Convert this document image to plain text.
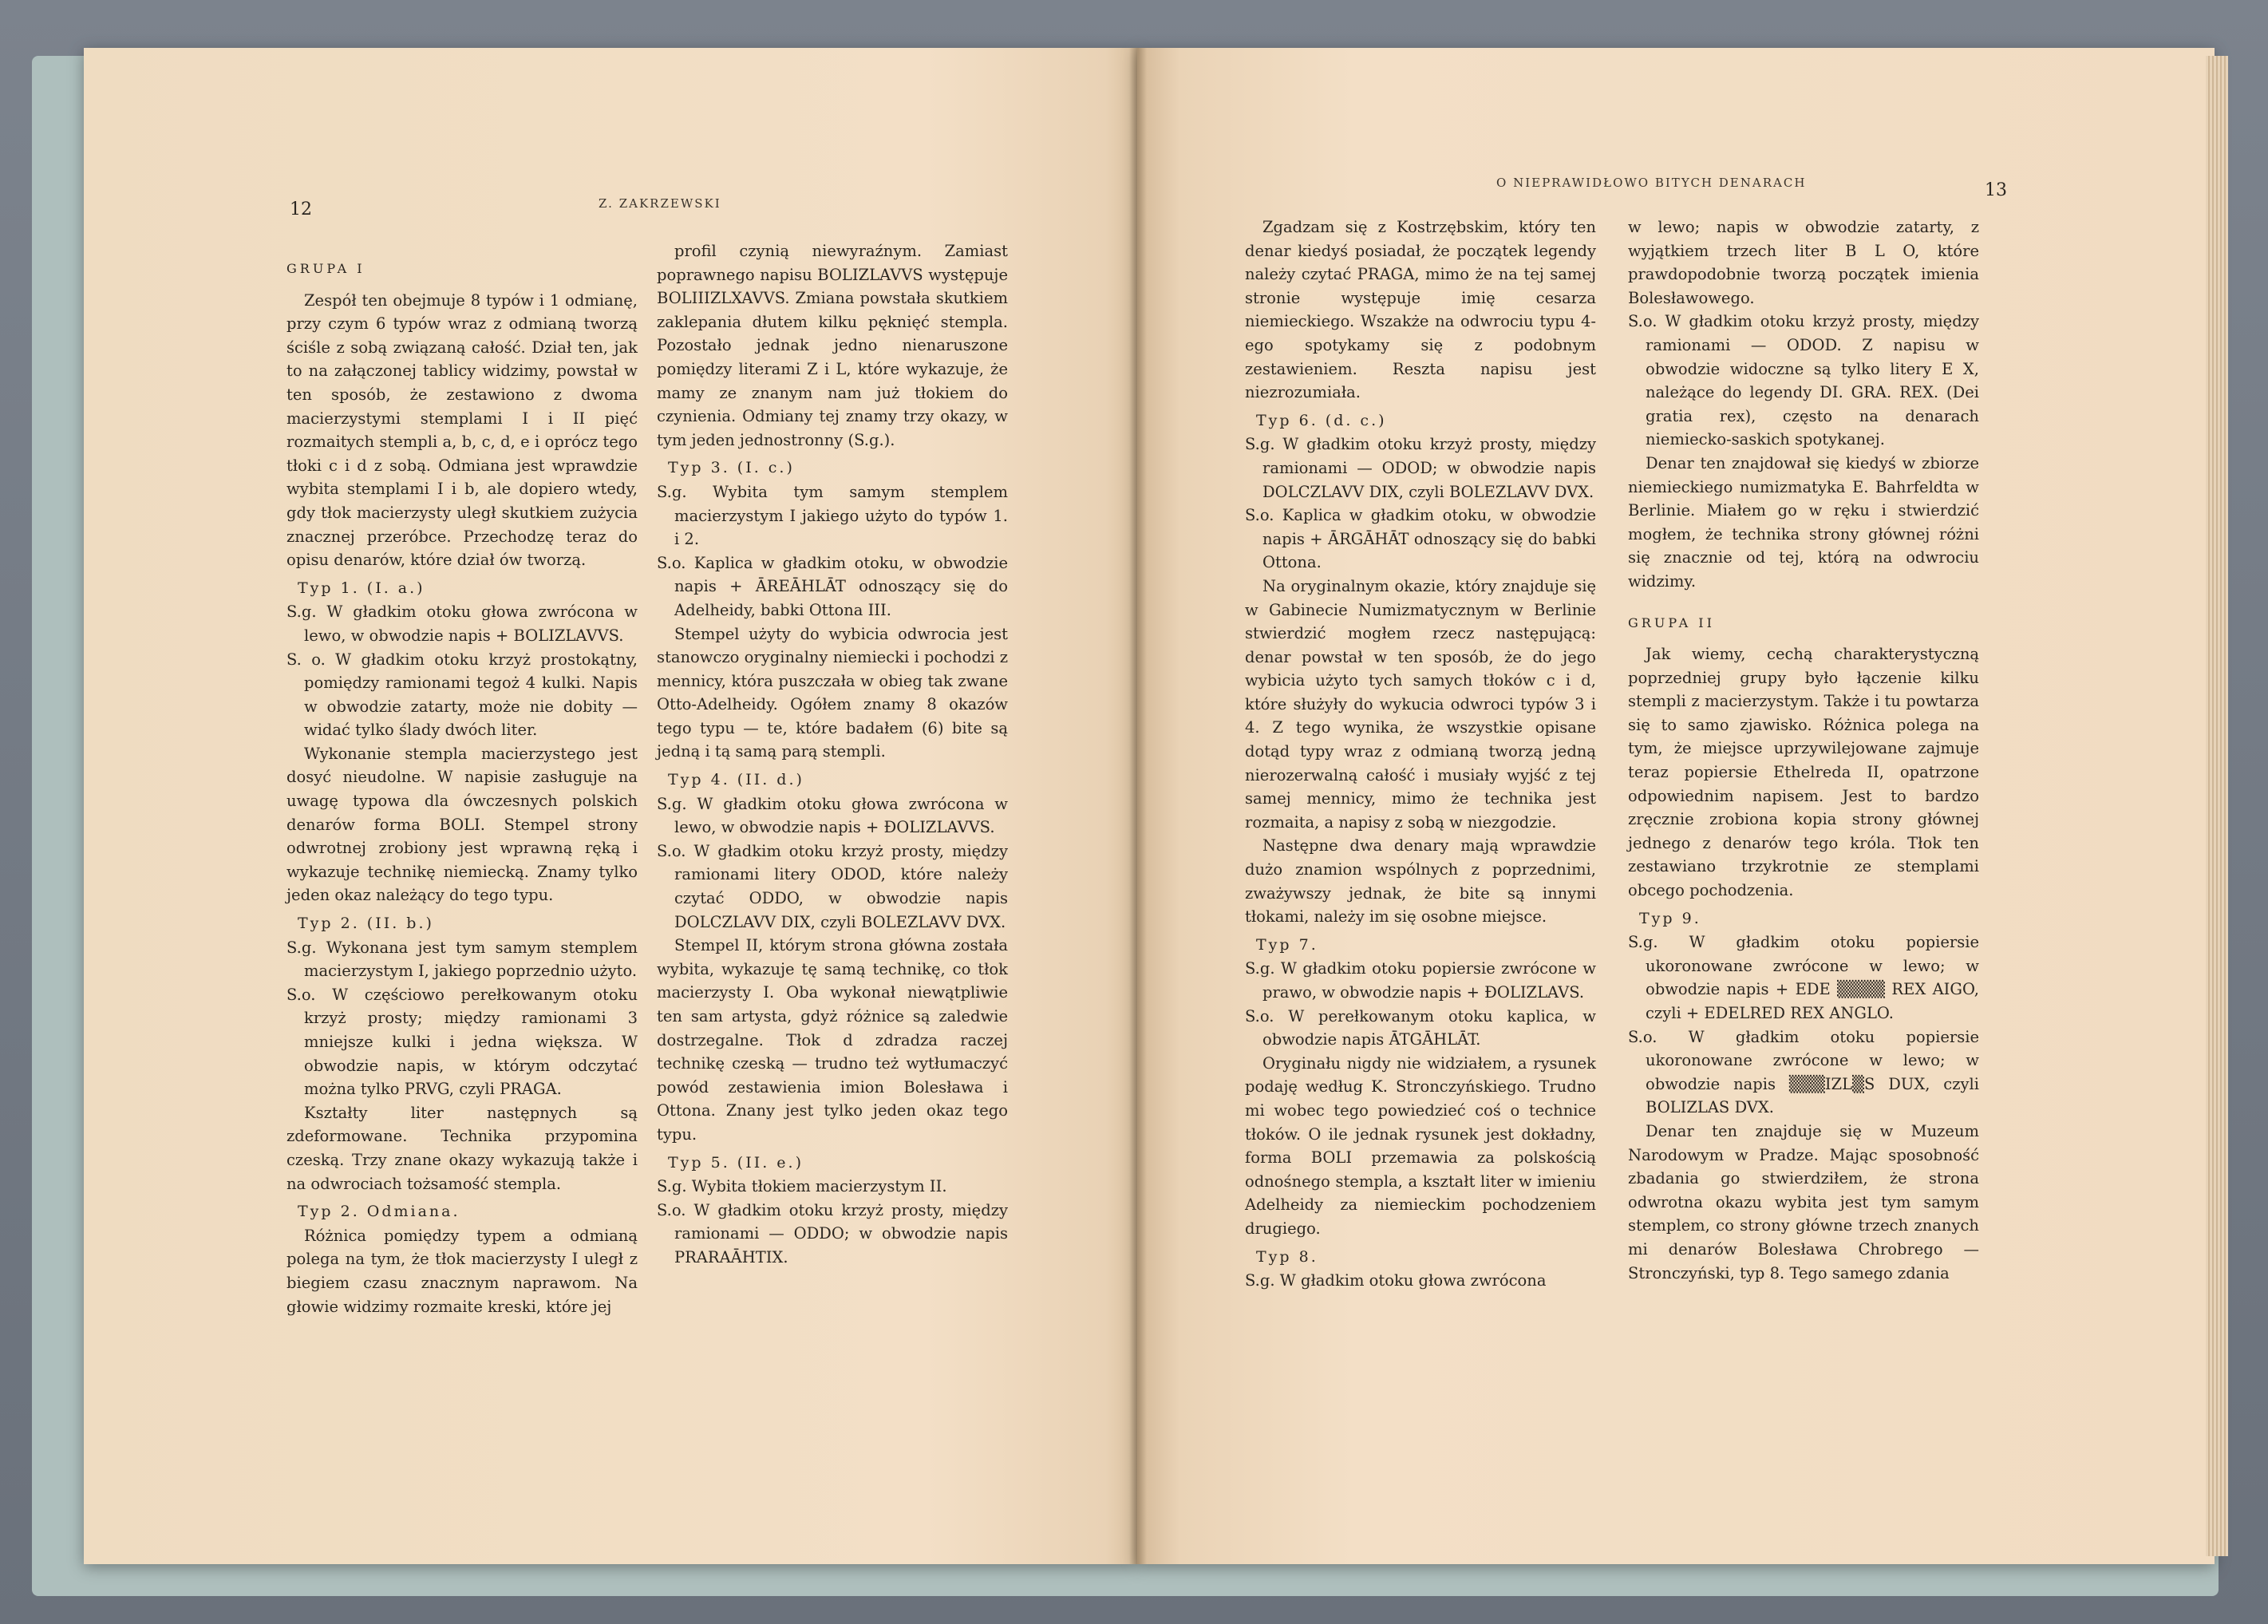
12	Z. ZAKRZEWSKI

GRUPA I

Zespół ten obejmuje 8 typów i 1 odmianę, przy czym 6 typów wraz z odmianą tworzą ściśle z sobą związaną całość. Dział ten, jak to na załączonej tablicy widzimy, powstał w ten sposób, że zestawiono z dwoma macierzystymi stemplami I i II pięć rozmaitych stempli a, b, c, d, e i oprócz tego tłoki c i d z sobą. Odmiana jest wprawdzie wybita stemplami I i b, ale dopiero wtedy, gdy tłok macierzysty uległ skutkiem zużycia znacznej przeróbce. Przechodzę teraz do opisu denarów, które dział ów tworzą.

Typ 1. (I. a.)

S.g. W gładkim otoku głowa zwrócona w lewo, w obwodzie napis + BOLIZLAVVS.

S. o. W gładkim otoku krzyż prostokątny, pomiędzy ramionami tegoż 4 kulki. Napis w obwodzie zatarty, może nie dobity — widać tylko ślady dwóch liter.

Wykonanie stempla macierzystego jest dosyć nieudolne. W napisie zasługuje na uwagę typowa dla ówczesnych polskich denarów forma BOLI. Stempel strony odwrotnej zrobiony jest wprawną ręką i wykazuje technikę niemiecką. Znamy tylko jeden okaz należący do tego typu.

Typ 2. (II. b.)

S.g. Wykonana jest tym samym stemplem macierzystym I, jakiego poprzednio użyto.

S.o. W częściowo perełkowanym otoku krzyż prosty; między ramionami 3 mniejsze kulki i jedna większa. W obwodzie napis, w którym odczytać można tylko PRVG, czyli PRAGA.

Kształty liter następnych są zdeformowane. Technika przypomina czeską. Trzy znane okazy wykazują także i na odwrociach tożsamość stempla.

Typ 2. Odmiana.

Różnica pomiędzy typem a odmianą polega na tym, że tłok macierzysty I uległ z biegiem czasu znacznym naprawom. Na głowie widzimy rozmaite kreski, które jej

profil czynią niewyraźnym. Zamiast poprawnego napisu BOLIZLAVVS występuje BOLIIIZLXAVVS. Zmiana powstała skutkiem zaklepania dłutem kilku pęknięć stempla. Pozostało jednak jedno nienaruszone pomiędzy literami Z i L, które wykazuje, że mamy ze znanym nam już tłokiem do czynienia. Odmiany tej znamy trzy okazy, w tym jeden jednostronny (S.g.).

Typ 3. (I. c.)

S.g. Wybita tym samym stemplem macierzystym I jakiego użyto do typów 1. i 2.

S.o. Kaplica w gładkim otoku, w obwodzie napis + ĀREĀHLĀT odnoszący się do Adelheidy, babki Ottona III.

Stempel użyty do wybicia odwrocia jest stanowczo oryginalny niemiecki i pochodzi z mennicy, która puszczała w obieg tak zwane Otto-Adelheidy. Ogółem znamy 8 okazów tego typu — te, które badałem (6) bite są jedną i tą samą parą stempli.

Typ 4. (II. d.)

S.g. W gładkim otoku głowa zwrócona w lewo, w obwodzie napis + ĐOLIZLAVVS.

S.o. W gładkim otoku krzyż prosty, między ramionami litery ODOD, które należy czytać ODDO, w obwodzie napis DOLCZLAVV DIX, czyli BOLEZLAVV DVX.

Stempel II, którym strona główna została wybita, wykazuje tę samą technikę, co tłok macierzysty I. Oba wykonał niewątpliwie ten sam artysta, gdyż różnice są zaledwie dostrzegalne. Tłok d zdradza raczej technikę czeską — trudno też wytłumaczyć powód zestawienia imion Bolesława i Ottona. Znany jest tylko jeden okaz tego typu.

Typ 5. (II. e.)

S.g. Wybita tłokiem macierzystym II.

S.o. W gładkim otoku krzyż prosty, między ramionami — ODDO; w obwodzie napis PRARAĀHTIX.

O NIEPRAWIDŁOWO BITYCH DENARACH	13

Zgadzam się z Kostrzębskim, który ten denar kiedyś posiadał, że początek legendy należy czytać PRAGA, mimo że na tej samej stronie występuje imię cesarza niemieckiego. Wszakże na odwrociu typu 4-ego spotykamy się z podobnym zestawieniem. Reszta napisu jest niezrozumiała.

Typ 6. (d. c.)

S.g. W gładkim otoku krzyż prosty, między ramionami — ODOD; w obwodzie napis DOLCZLAVV DIX, czyli BOLEZLAVV DVX.

S.o. Kaplica w gładkim otoku, w obwodzie napis + ĀRGĀHĀT odnoszący się do babki Ottona.

Na oryginalnym okazie, który znajduje się w Gabinecie Numizmatycznym w Berlinie stwierdzić mogłem rzecz następującą: denar powstał w ten sposób, że do jego wybicia użyto tych samych tłoków c i d, które służyły do wykucia odwroci typów 3 i 4. Z tego wynika, że wszystkie opisane dotąd typy wraz z odmianą tworzą jedną nierozerwalną całość i musiały wyjść z tej samej mennicy, mimo że technika jest rozmaita, a napisy z sobą w niezgodzie.

Następne dwa denary mają wprawdzie dużo znamion wspólnych z poprzednimi, zważywszy jednak, że bite są innymi tłokami, należy im się osobne miejsce.

Typ 7.

S.g. W gładkim otoku popiersie zwrócone w prawo, w obwodzie napis + ĐOLIZLAVS.

S.o. W perełkowanym otoku kaplica, w obwodzie napis ĀTGĀHLĀT.

Oryginału nigdy nie widziałem, a rysunek podaję według K. Stronczyńskiego. Trudno mi wobec tego powiedzieć coś o technice tłoków. O ile jednak rysunek jest dokładny, forma BOLI przemawia za polskością odnośnego stempla, a kształt liter w imieniu Adelheidy za niemieckim pochodzeniem drugiego.

Typ 8.

S.g. W gładkim otoku głowa zwrócona

w lewo; napis w obwodzie zatarty, z wyjątkiem trzech liter B L O, które prawdopodobnie tworzą początek imienia Bolesławowego.

S.o. W gładkim otoku krzyż prosty, między ramionami — ODOD. Z napisu w obwodzie widoczne są tylko litery E X, należące do legendy DI. GRA. REX. (Dei gratia rex), często na denarach niemiecko-saskich spotykanej.

Denar ten znajdował się kiedyś w zbiorze niemieckiego numizmatyka E. Bahrfeldta w Berlinie. Miałem go w ręku i stwierdzić mogłem, że technika strony głównej różni się znacznie od tej, którą na odwrociu widzimy.

GRUPA II

Jak wiemy, cechą charakterystyczną poprzedniej grupy było łączenie kilku stempli z macierzystym. Także i tu powtarza się to samo zjawisko. Różnica polega na tym, że miejsce uprzywilejowane zajmuje teraz popiersie Ethelreda II, opatrzone odpowiednim napisem. Jest to bardzo zręcznie zrobiona kopia strony głównej jednego z denarów tego króla. Tłok ten zestawiano trzykrotnie ze stemplami obcego pochodzenia.

Typ 9.

S.g. W gładkim otoku popiersie ukoronowane zwrócone w lewo; w obwodzie napis + EDE ▒▒▒▒ REX AIGO, czyli + EDELRED REX ANGLO.

S.o. W gładkim otoku popiersie ukoronowane zwrócone w lewo; w obwodzie napis ▒▒▒IZL▒S DUX, czyli BOLIZLAS DVX.

Denar ten znajduje się w Muzeum Narodowym w Pradze. Mając sposobność zbadania go stwierdziłem, że strona odwrotna okazu wybita jest tym samym stemplem, co strony główne trzech znanych mi denarów Bolesława Chrobrego — Stronczyński, typ 8. Tego samego zdania
